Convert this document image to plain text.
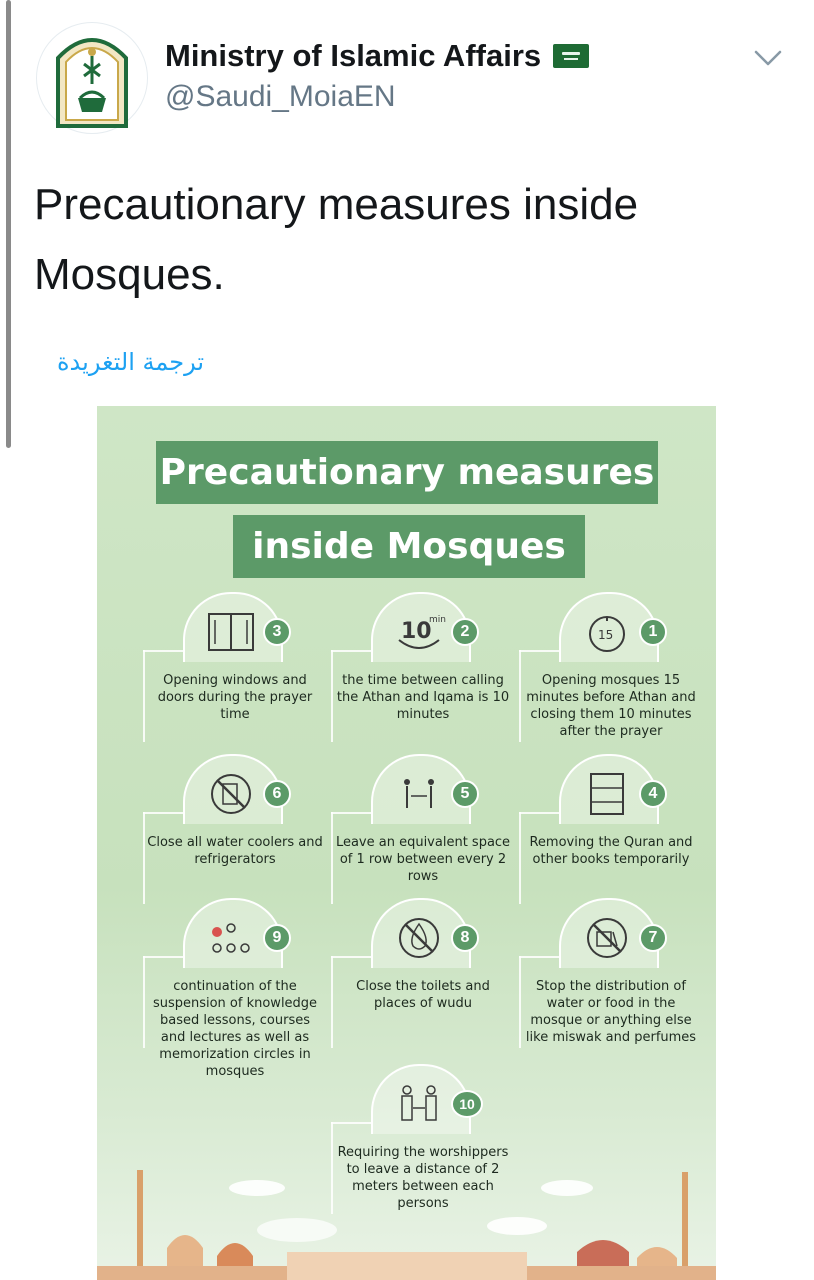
Ministry of Islamic Affairs
@Saudi_MoiaEN
Precautionary measures inside Mosques.
ترجمة التغريدة
Precautionary measures
inside Mosques
3
Opening windows and doors during the prayer time
10
min
2
the time between calling the Athan and Iqama is 10 minutes
15	1
Opening mosques 15 minutes before Athan and closing them 10 minutes after the prayer
6
Close all water coolers and refrigerators
5
Leave an equivalent space of 1 row between every 2 rows
4
Removing the Quran and other books temporarily
9
continuation of the suspension of knowledge based lessons, courses and lectures as well as memorization circles in mosques
8
Close the toilets and places of wudu
7
Stop the distribution of water or food in the mosque or anything else like miswak and perfumes
10
Requiring the worshippers to leave a distance of 2 meters between each persons
